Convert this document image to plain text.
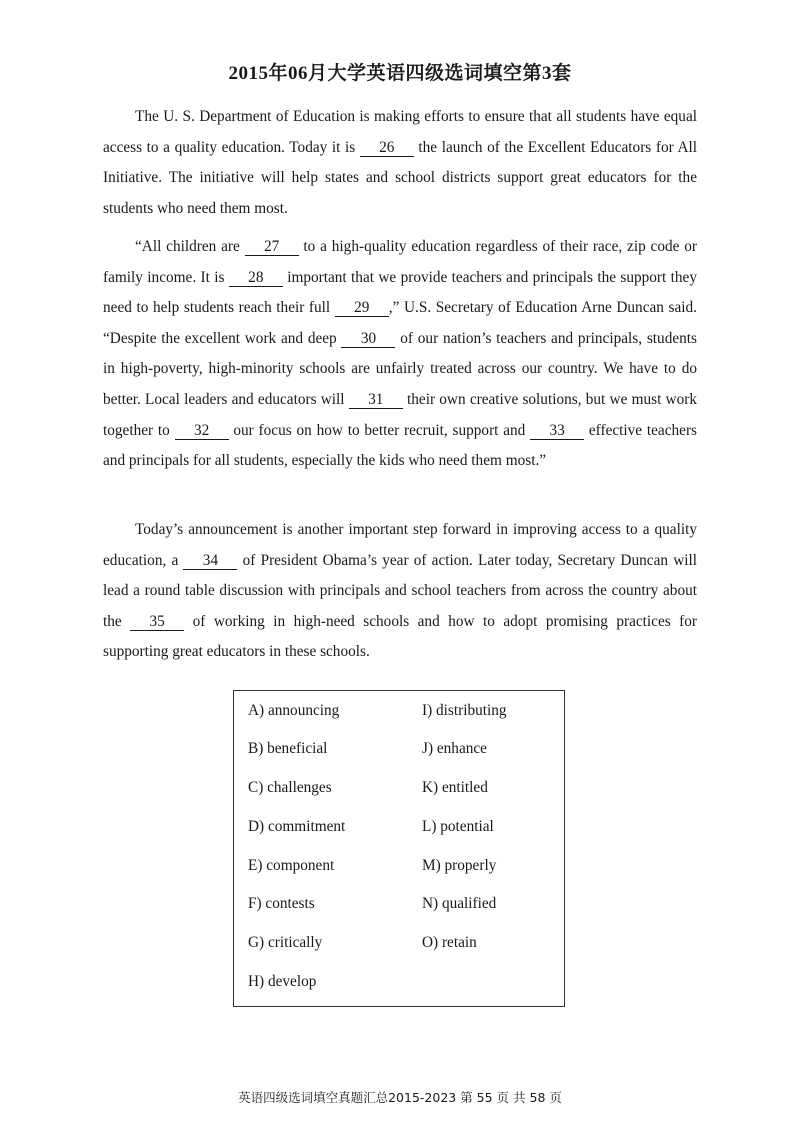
2015年06月大学英语四级选词填空第3套
The U. S. Department of Education is making efforts to ensure that all students have equal access to a quality education. Today it is 26 the launch of the Excellent Educators for All Initiative. The initiative will help states and school districts support great educators for the students who need them most.
“All children are 27 to a high-quality education regardless of their race, zip code or family income. It is 28 important that we provide teachers and principals the support they need to help students reach their full 29 ,” U.S. Secretary of Education Arne Duncan said. “Despite the excellent work and deep 30 of our nation’s teachers and principals, students in high-poverty, high-minority schools are unfairly treated across our country. We have to do better. Local leaders and educators will 31 their own creative solutions, but we must work together to 32 our focus on how to better recruit, support and 33 effective teachers and principals for all students, especially the kids who need them most.”
Today’s announcement is another important step forward in improving access to a quality education, a 34 of President Obama’s year of action. Later today, Secretary Duncan will lead a round table discussion with principals and school teachers from across the country about the 35 of working in high-need schools and how to adopt promising practices for supporting great educators in these schools.
A) announcing
B) beneficial
C) challenges
D) commitment
E) component
F) contests
G) critically
H) develop
I) distributing
J) enhance
K) entitled
L) potential
M) properly
N) qualified
O) retain
英语四级选词填空真题汇总2015-2023 第 55 页 共 58 页
